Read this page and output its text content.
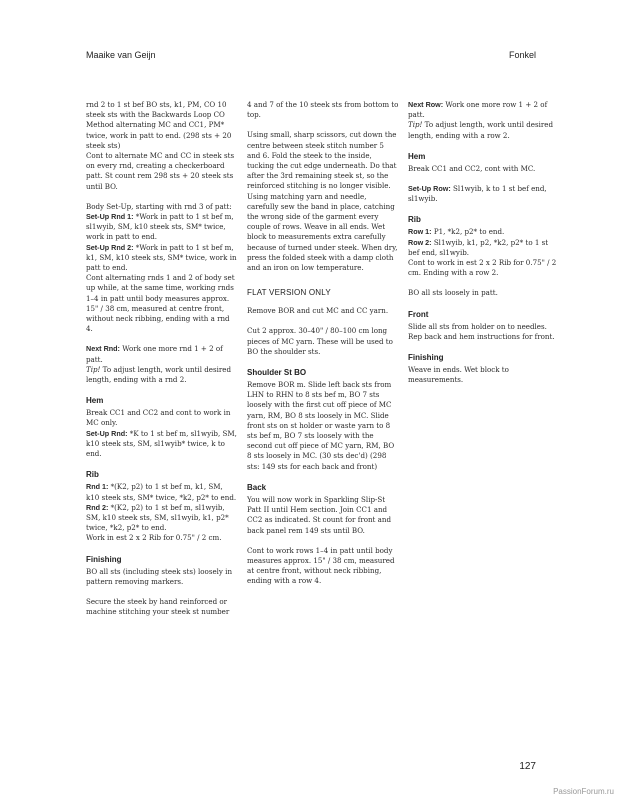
Maaike van Geijn	Fonkel

rnd 2 to 1 st bef BO sts, k1, PM, CO 10 steek sts with the Backwards Loop CO Method alternating MC and CC1, PM* twice, work in patt to end. (298 sts + 20 steek sts)
Cont to alternate MC and CC in steek sts on every rnd, creating a checkerboard patt. St count rem 298 sts + 20 steek sts until BO.

Body Set-Up, starting with rnd 3 of patt:

Set-Up Rnd 1: *Work in patt to 1 st bef m, sl1wyib, SM, k10 steek sts, SM* twice, work in patt to end.

Set-Up Rnd 2: *Work in patt to 1 st bef m, k1, SM, k10 steek sts, SM* twice, work in patt to end.

Cont alternating rnds 1 and 2 of body set up while, at the same time, working rnds 1–4 in patt until body measures approx. 15" / 38 cm, measured at centre front, without neck ribbing, ending with a rnd 4.

Next Rnd: Work one more rnd 1 + 2 of patt.

Tip! To adjust length, work until desired length, ending with a rnd 2.

Hem

Break CC1 and CC2 and cont to work in MC only.

Set-Up Rnd: *K to 1 st bef m, sl1wyib, SM, k10 steek sts, SM, sl1wyib* twice, k to end.

Rib

Rnd 1: *(K2, p2) to 1 st bef m, k1, SM, k10 steek sts, SM* twice, *k2, p2* to end.

Rnd 2: *(K2, p2) to 1 st bef m, sl1wyib, SM, k10 steek sts, SM, sl1wyib, k1, p2* twice, *k2, p2* to end.

Work in est 2 x 2 Rib for 0.75" / 2 cm.

Finishing

BO all sts (including steek sts) loosely in pattern removing markers.

Secure the steek by hand reinforced or machine stitching your steek st number

4 and 7 of the 10 steek sts from bottom to top.

Using small, sharp scissors, cut down the centre between steek stitch number 5 and 6. Fold the steek to the inside, tucking the cut edge underneath. Do that after the 3rd remaining steek st, so the reinforced stitching is no longer visible. Using matching yarn and needle, carefully sew the band in place, catching the wrong side of the garment every couple of rows. Weave in all ends. Wet block to measurements extra carefully because of turned under steek. When dry, press the folded steek with a damp cloth and an iron on low temperature.

FLAT VERSION ONLY

Remove BOR and cut MC and CC yarn.

Cut 2 approx. 30–40" / 80–100 cm long pieces of MC yarn. These will be used to BO the shoulder sts.

Shoulder St BO

Remove BOR m. Slide left back sts from LHN to RHN to 8 sts bef m, BO 7 sts loosely with the first cut off piece of MC yarn, RM, BO 8 sts loosely in MC. Slide front sts on st holder or waste yarn to 8 sts bef m, BO 7 sts loosely with the second cut off piece of MC yarn, RM, BO 8 sts loosely in MC. (30 sts dec'd) (298 sts: 149 sts for each back and front)

Back

You will now work in Sparkling Slip-St Patt II until Hem section. Join CC1 and CC2 as indicated. St count for front and back panel rem 149 sts until BO.

Cont to work rows 1–4 in patt until body measures approx. 15" / 38 cm, measured at centre front, without neck ribbing, ending with a row 4.

Next Row: Work one more row 1 + 2 of patt.

Tip! To adjust length, work until desired length, ending with a row 2.

Hem

Break CC1 and CC2, cont with MC.

Set-Up Row: Sl1wyib, k to 1 st bef end, sl1wyib.

Rib

Row 1: P1, *k2, p2* to end.

Row 2: Sl1wyib, k1, p2, *k2, p2* to 1 st bef end, sl1wyib.

Cont to work in est 2 x 2 Rib for 0.75" / 2 cm. Ending with a row 2.

BO all sts loosely in patt.

Front

Slide all sts from holder on to needles. Rep back and hem instructions for front.

Finishing

Weave in ends. Wet block to measurements.

127
PassionForum.ru
